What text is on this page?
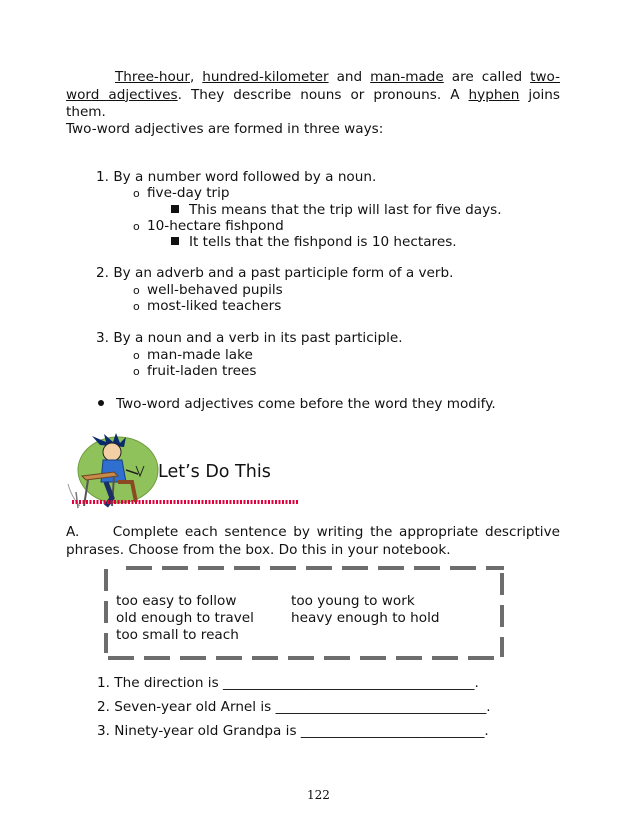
Three-hour, hundred-kilometer and man-made are called two-word adjectives. They describe nouns or pronouns. A hyphen joins them.
Two-word adjectives are formed in three ways:
1. By a number word followed by a noun.
o five-day trip
This means that the trip will last for five days.
o 10-hectare fishpond
It tells that the fishpond is 10 hectares.
2. By an adverb and a past participle form of a verb.
o well-behaved pupils
o most-liked teachers
3. By a noun and a verb in its past participle.
o man-made lake
o fruit-laden trees
Two-word adjectives come before the word they modify.
Let’s Do This
A. Complete each sentence by writing the appropriate descriptive phrases. Choose from the box. Do this in your notebook.
too easy to follow
old enough to travel
too small to reach
too young to work
heavy enough to hold
1. The direction is _____________________________________.
2. Seven-year old Arnel is _______________________________.
3. Ninety-year old Grandpa is ___________________________.
122
